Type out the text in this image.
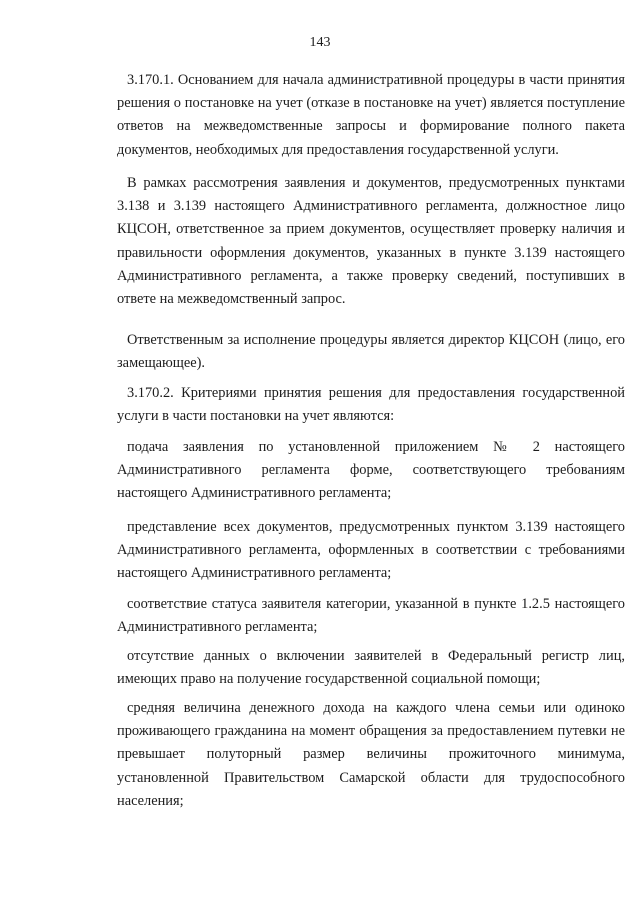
143

3.170.1. Основанием для начала административной процедуры в части принятия решения о постановке на учет (отказе в постановке на учет) является поступление ответов на межведомственные запросы и формирование полного пакета документов, необходимых для предоставления государственной услуги.

В рамках рассмотрения заявления и документов, предусмотренных пунктами 3.138 и 3.139 настоящего Административного регламента, должностное лицо КЦСОН, ответственное за прием документов, осуществляет проверку наличия и правильности оформления документов, указанных в пункте 3.139 настоящего Административного регламента, а также проверку сведений, поступивших в ответе на межведомственный запрос.

Ответственным за исполнение процедуры является директор КЦСОН (лицо, его замещающее).

3.170.2. Критериями принятия решения для предоставления государственной услуги в части постановки на учет являются:

подача заявления по установленной приложением № 2 настоящего Административного регламента форме, соответствующего требованиям настоящего Административного регламента;

представление всех документов, предусмотренных пунктом 3.139 настоящего Административного регламента, оформленных в соответствии с требованиями настоящего Административного регламента;

соответствие статуса заявителя категории, указанной в пункте 1.2.5 настоящего Административного регламента;

отсутствие данных о включении заявителей в Федеральный регистр лиц, имеющих право на получение государственной социальной помощи;

средняя величина денежного дохода на каждого члена семьи или одиноко проживающего гражданина на момент обращения за предоставлением путевки не превышает полуторный размер величины прожиточного минимума, установленной Правительством Самарской области для трудоспособного населения;
